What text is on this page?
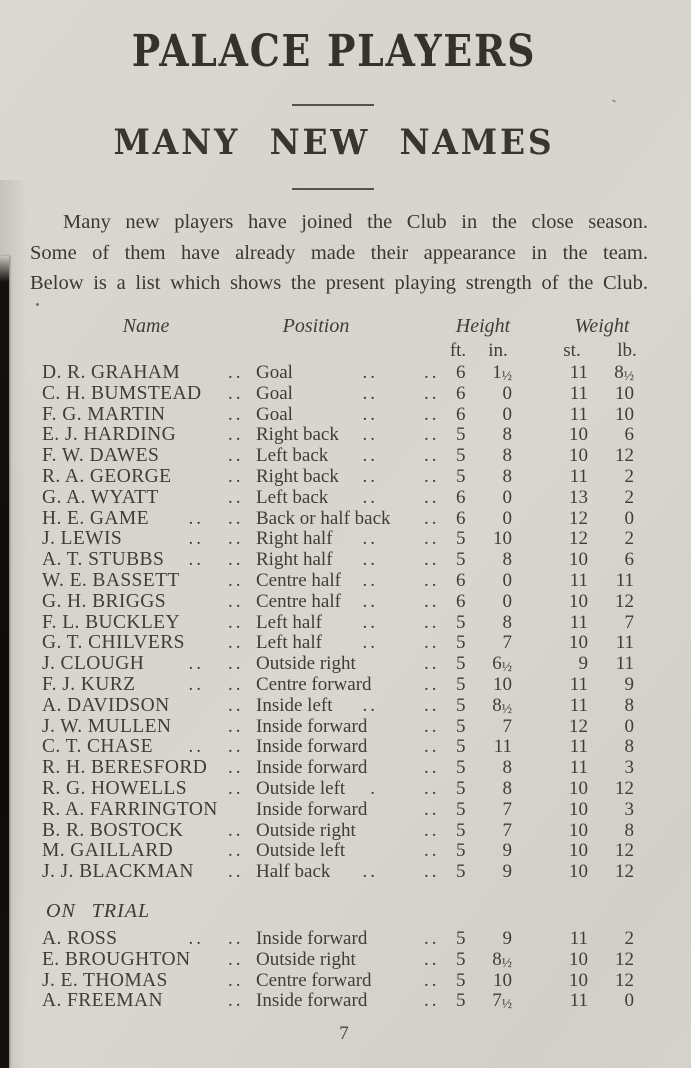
PALACE PLAYERS
MANY NEW NAMES
Many new players have joined the Club in the close season.
Some of them have already made their appearance in the team.
Below is a list which shows the present playing strength of the Club.
Name	Position	Height	Weight
ft.	in.	st.	lb.
D. R. GRAHAM	.. Goal	.. .. 6	1½	11	8½
C. H. BUMSTEAD .. Goal	.. .. 6	0	11	10
F. G. MARTIN	.. Goal	.. .. 6	0	11	10
E. J. HARDING	.. Right back .. .. 5	8	10	6
F. W. DAWES	.. Left back .. .. 5	8	10	12
R. A. GEORGE	.. Right back .. .. 5	8	11	2
G. A. WYATT	.. Left back .. .. 6	0	13	2
H. E. GAME .. .. Back or half back .. 6	0	12	0
J. LEWIS	.. .. Right half .. .. 5	10	12	2
A. T. STUBBS .. .. Right half .. .. 5	8	10	6
W. E. BASSETT	.. Centre half .. .. 6	0	11	11
G. H. BRIGGS	.. Centre half .. .. 6	0	10	12
F. L. BUCKLEY	.. Left half .. .. 5	8	11	7
G. T. CHILVERS .. Left half .. .. 5	7	10	11
J. CLOUGH .. .. Outside right	.. 5	6½	9	11
F. J. KURZ	.. .. Centre forward	.. 5	10	11	9
A. DAVIDSON	.. Inside left .. .. 5	8½	11	8
J. W. MULLEN	.. Inside forward	.. 5	7	12	0
C. T. CHASE .. .. Inside forward	.. 5	11	11	8
R. H. BERESFORD .. Inside forward	.. 5	8	11	3
R. G. HOWELLS .. Outside left . .. 5	8	10	12
R. A. FARRINGTON Inside forward	.. 5	7	10	3
B. R. BOSTOCK .. Outside right	.. 5	7	10	8
M. GAILLARD	.. Outside left	.. 5	9	10	12
J. J. BLACKMAN .. Half back .. .. 5	9	10	12
ON TRIAL
A. ROSS	.. .. Inside forward	.. 5	9	11	2
E. BROUGHTON .. Outside right	.. 5	8½	10	12
J. E. THOMAS	.. Centre forward	.. 5	10	10	12
A. FREEMAN	.. Inside forward	.. 5	7½	11	0
7
